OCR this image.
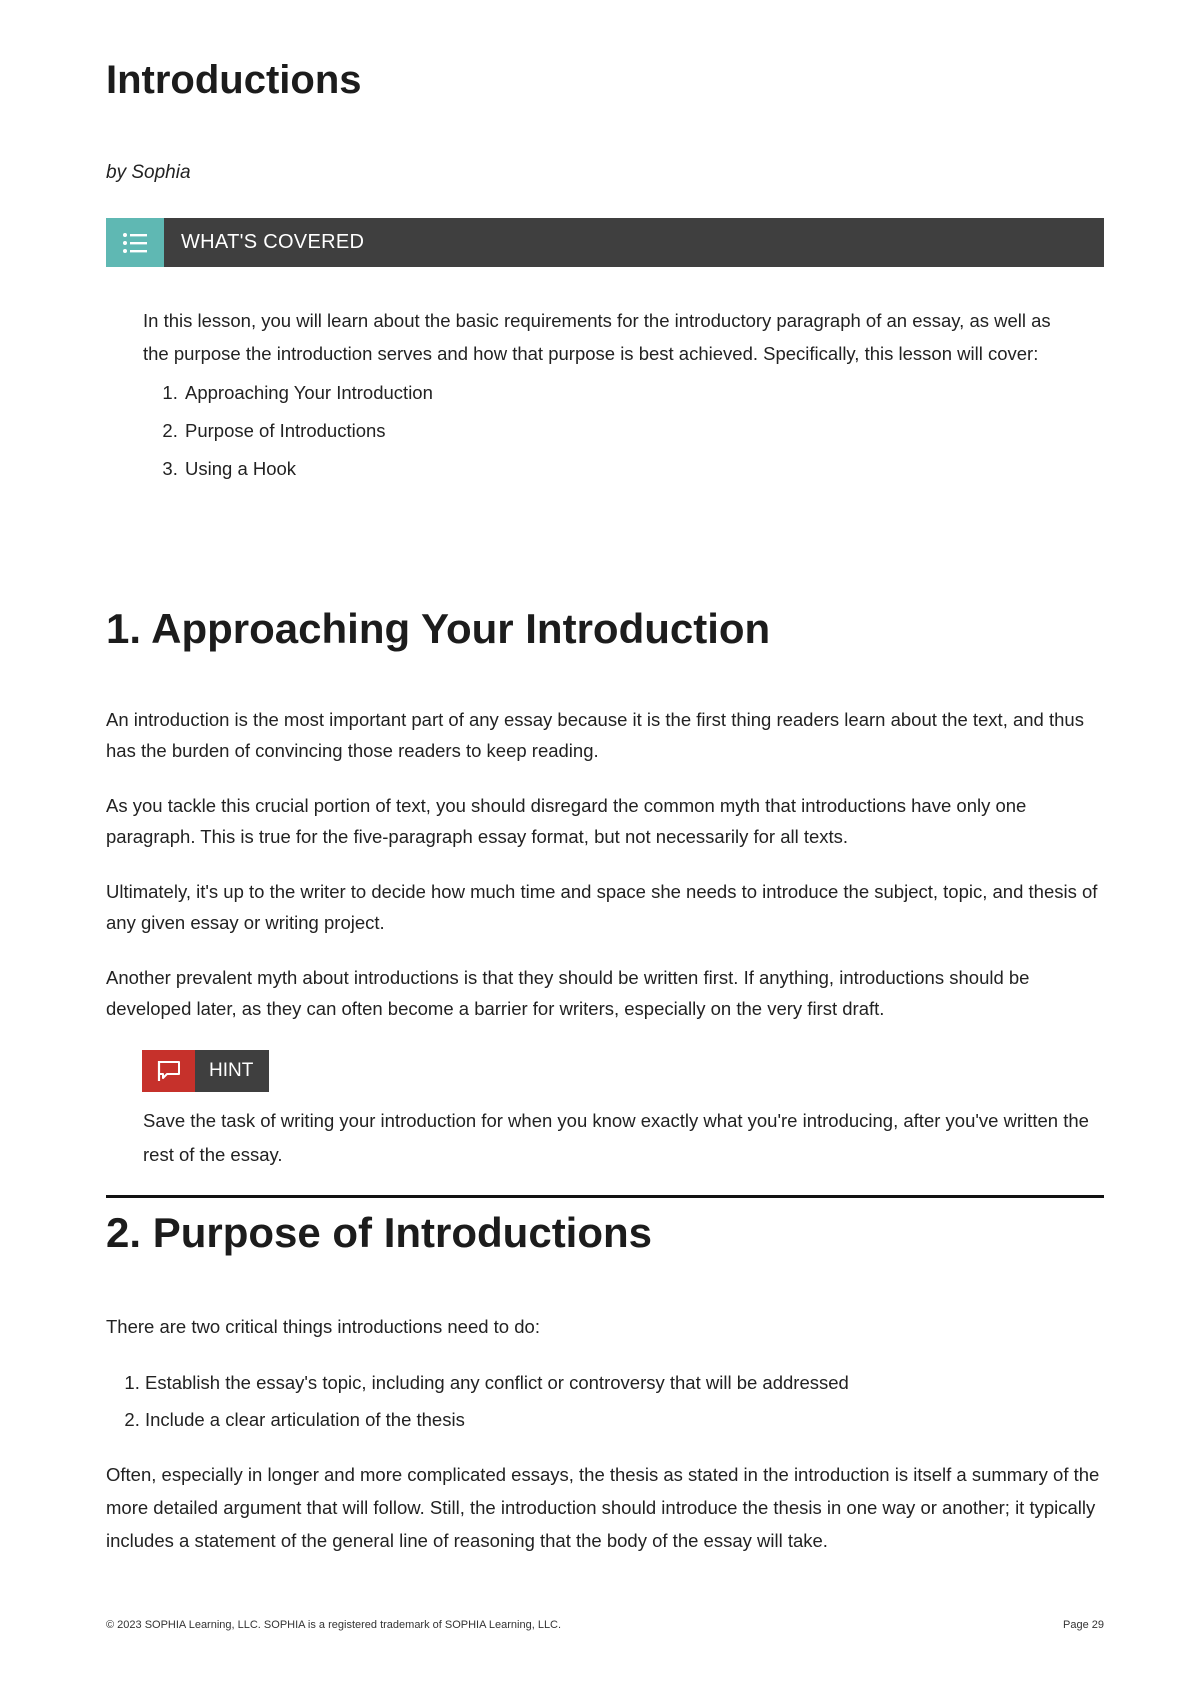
Introductions
by Sophia
WHAT'S COVERED

In this lesson, you will learn about the basic requirements for the introductory paragraph of an essay, as well as the purpose the introduction serves and how that purpose is best achieved. Specifically, this lesson will cover:

1. Approaching Your Introduction
2. Purpose of Introductions
3. Using a Hook
1. Approaching Your Introduction

An introduction is the most important part of any essay because it is the first thing readers learn about the text, and thus has the burden of convincing those readers to keep reading.

As you tackle this crucial portion of text, you should disregard the common myth that introductions have only one paragraph. This is true for the five-paragraph essay format, but not necessarily for all texts.

Ultimately, it's up to the writer to decide how much time and space she needs to introduce the subject, topic, and thesis of any given essay or writing project.

Another prevalent myth about introductions is that they should be written first. If anything, introductions should be developed later, as they can often become a barrier for writers, especially on the very first draft.

HINT

Save the task of writing your introduction for when you know exactly what you're introducing, after you've written the rest of the essay.

2. Purpose of Introductions

There are two critical things introductions need to do:

1. Establish the essay's topic, including any conflict or controversy that will be addressed
2. Include a clear articulation of the thesis

Often, especially in longer and more complicated essays, the thesis as stated in the introduction is itself a summary of the more detailed argument that will follow. Still, the introduction should introduce the thesis in one way or another; it typically includes a statement of the general line of reasoning that the body of the essay will take.

© 2023 SOPHIA Learning, LLC. SOPHIA is a registered trademark of SOPHIA Learning, LLC.	Page 29
